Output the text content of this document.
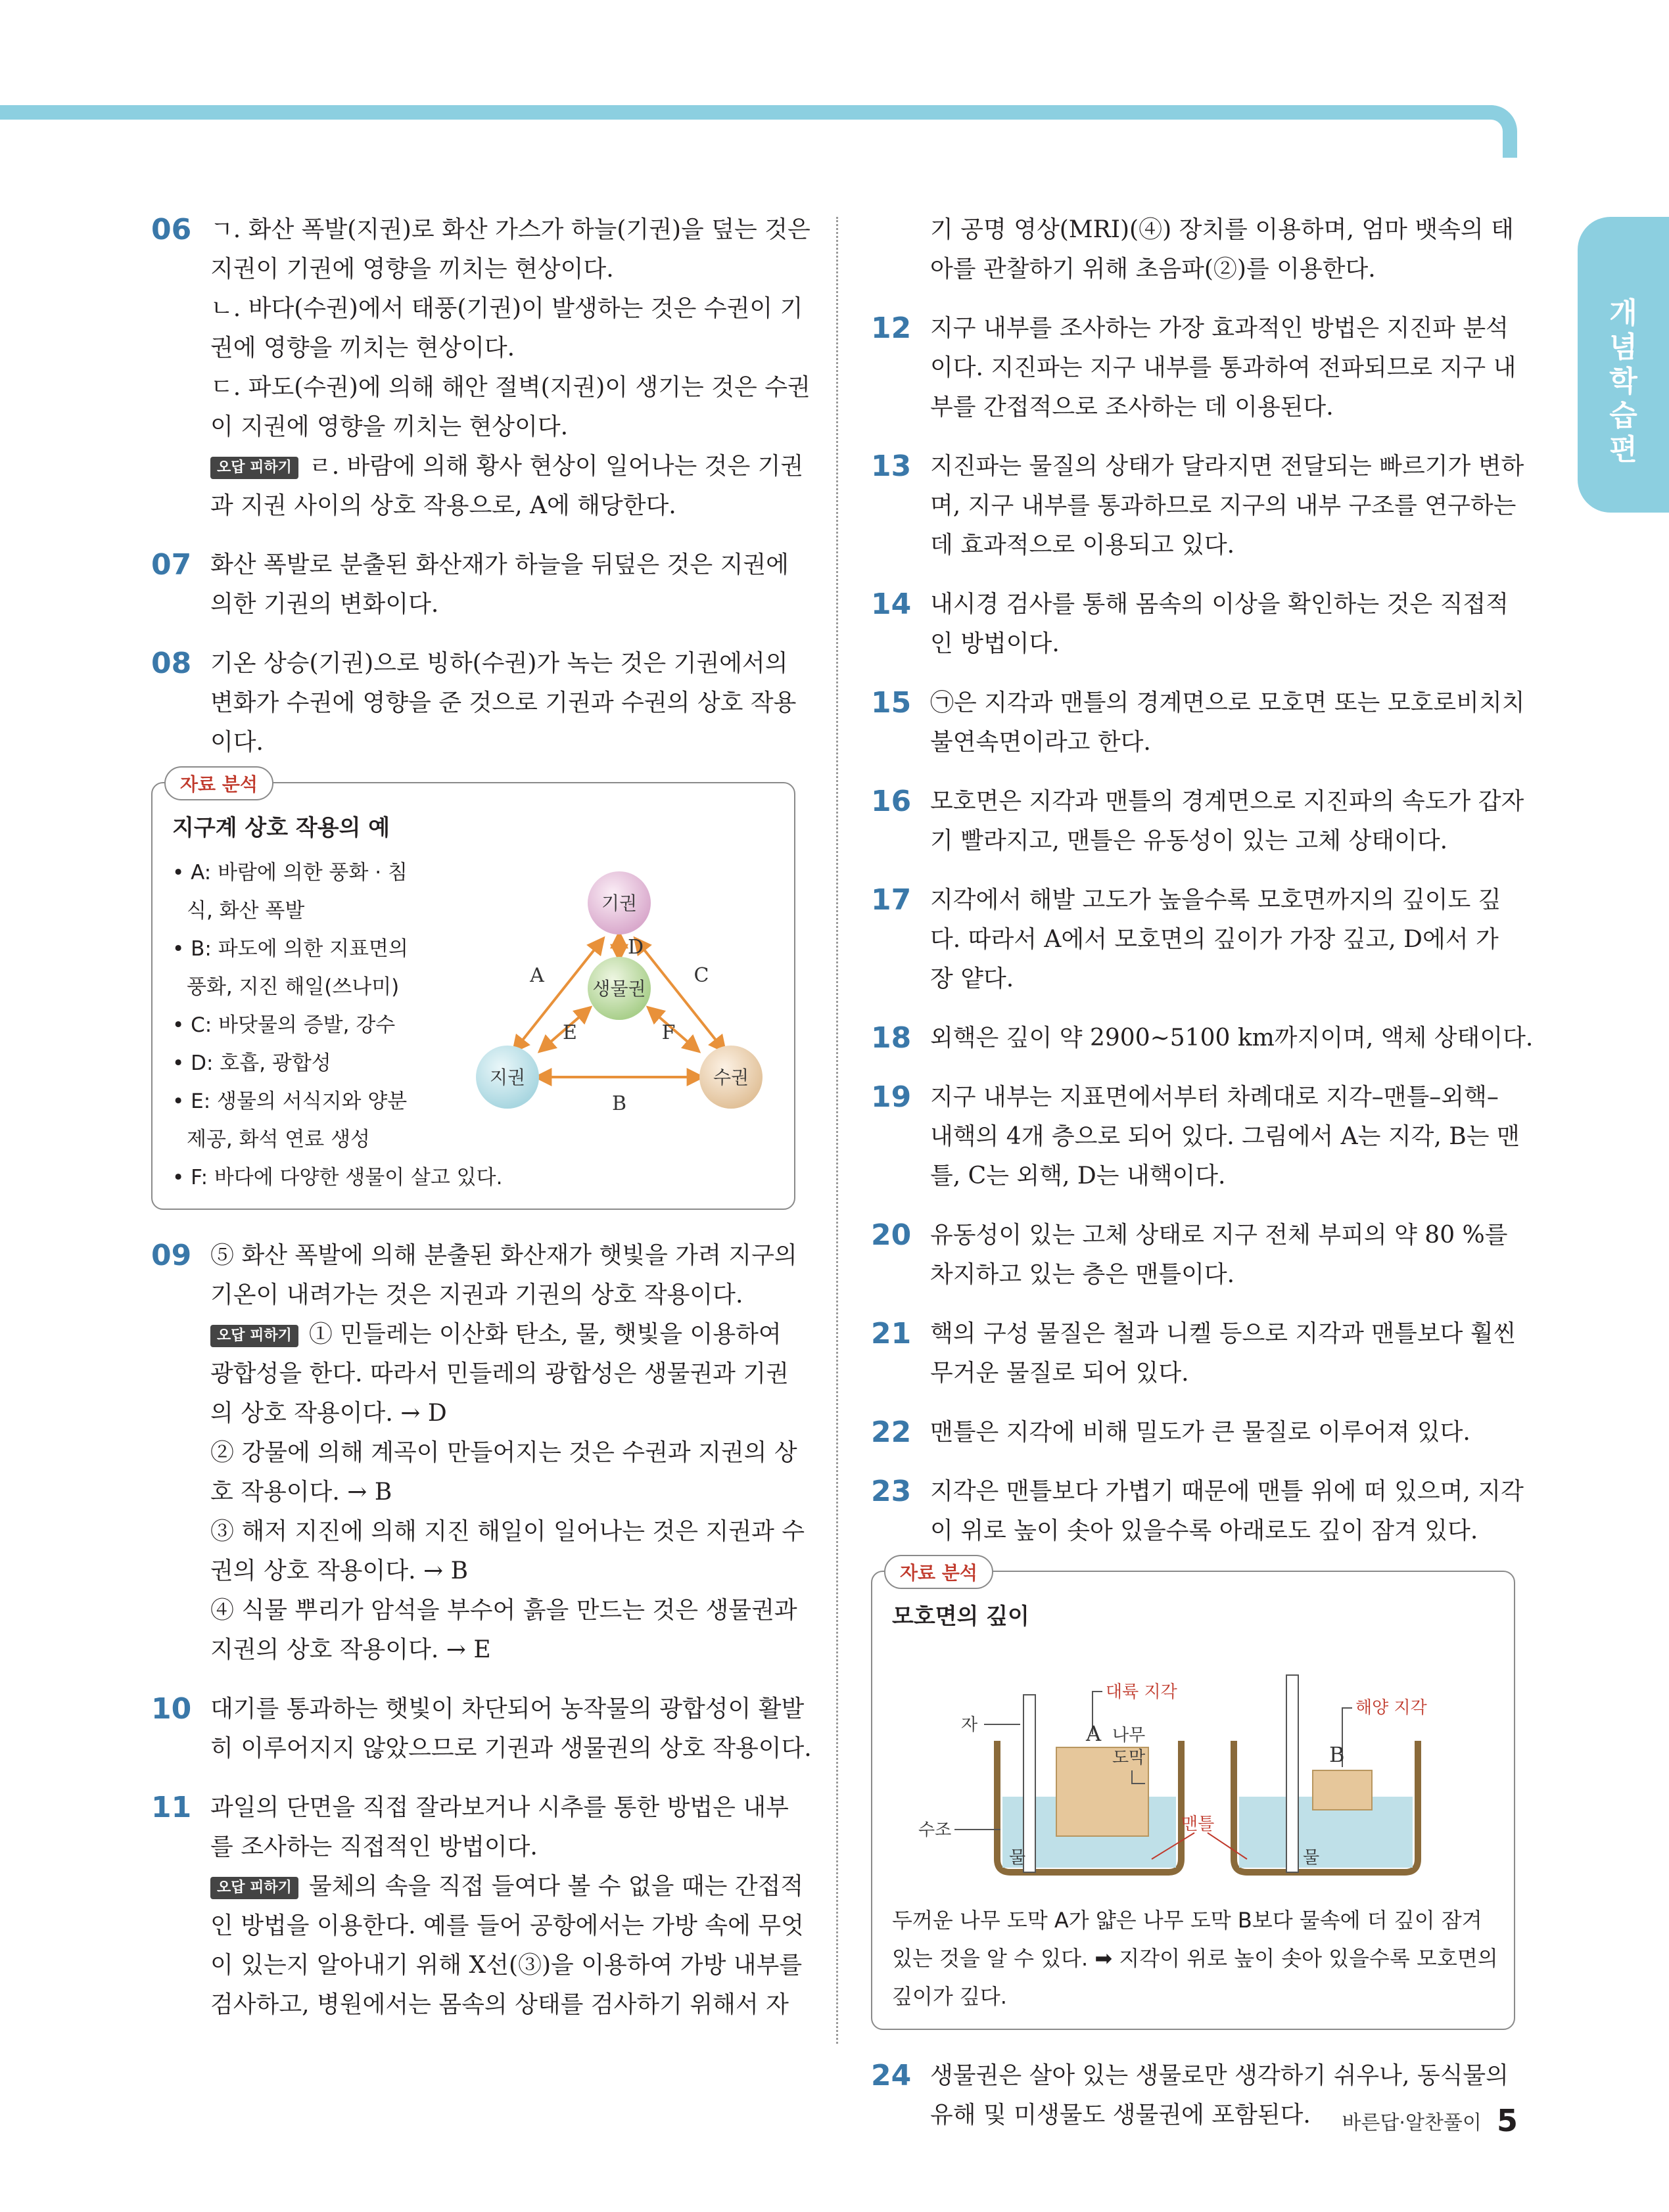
개
념
학
습
편
06 ㄱ. 화산 폭발(지권)로 화산 가스가 하늘(기권)을 덮는 것은
지권이 기권에 영향을 끼치는 현상이다.
ㄴ. 바다(수권)에서 태풍(기권)이 발생하는 것은 수권이 기
권에 영향을 끼치는 현상이다.
ㄷ. 파도(수권)에 의해 해안 절벽(지권)이 생기는 것은 수권
이 지권에 영향을 끼치는 현상이다.
오답 피하기 ㄹ. 바람에 의해 황사 현상이 일어나는 것은 기권
과 지권 사이의 상호 작용으로, A에 해당한다.
07 화산 폭발로 분출된 화산재가 하늘을 뒤덮은 것은 지권에
의한 기권의 변화이다.
08 기온 상승(기권)으로 빙하(수권)가 녹는 것은 기권에서의
변화가 수권에 영향을 준 것으로 기권과 수권의 상호 작용
이다.
자료 분석
지구계 상호 작용의 예
• A: 바람에 의한 풍화 · 침
식, 화산 폭발
• B: 파도에 의한 지표면의
풍화, 지진 해일(쓰나미)
• C: 바닷물의 증발, 강수
• D: 호흡, 광합성
• E: 생물의 서식지와 양분
제공, 화석 연료 생성
• F: 바다에 다양한 생물이 살고 있다.
기권
생물권
지권	수권
A	C
B
D
E	F
09 ⑤ 화산 폭발에 의해 분출된 화산재가 햇빛을 가려 지구의
기온이 내려가는 것은 지권과 기권의 상호 작용이다.
오답 피하기 ① 민들레는 이산화 탄소, 물, 햇빛을 이용하여
광합성을 한다. 따라서 민들레의 광합성은 생물권과 기권
의 상호 작용이다. → D
② 강물에 의해 계곡이 만들어지는 것은 수권과 지권의 상
호 작용이다. → B
③ 해저 지진에 의해 지진 해일이 일어나는 것은 지권과 수
권의 상호 작용이다. → B
④ 식물 뿌리가 암석을 부수어 흙을 만드는 것은 생물권과
지권의 상호 작용이다. → E
10 대기를 통과하는 햇빛이 차단되어 농작물의 광합성이 활발
히 이루어지지 않았으므로 기권과 생물권의 상호 작용이다.
11 과일의 단면을 직접 잘라보거나 시추를 통한 방법은 내부
를 조사하는 직접적인 방법이다.
오답 피하기 물체의 속을 직접 들여다 볼 수 없을 때는 간접적
인 방법을 이용한다. 예를 들어 공항에서는 가방 속에 무엇
이 있는지 알아내기 위해 X선(③)을 이용하여 가방 내부를
검사하고, 병원에서는 몸속의 상태를 검사하기 위해서 자
기 공명 영상(MRI)(④) 장치를 이용하며, 엄마 뱃속의 태
아를 관찰하기 위해 초음파(②)를 이용한다.
12 지구 내부를 조사하는 가장 효과적인 방법은 지진파 분석
이다. 지진파는 지구 내부를 통과하여 전파되므로 지구 내
부를 간접적으로 조사하는 데 이용된다.
13 지진파는 물질의 상태가 달라지면 전달되는 빠르기가 변하
며, 지구 내부를 통과하므로 지구의 내부 구조를 연구하는
데 효과적으로 이용되고 있다.
14 내시경 검사를 통해 몸속의 이상을 확인하는 것은 직접적
인 방법이다.
15 ㉠은 지각과 맨틀의 경계면으로 모호면 또는 모호로비치치
불연속면이라고 한다.
16 모호면은 지각과 맨틀의 경계면으로 지진파의 속도가 갑자
기 빨라지고, 맨틀은 유동성이 있는 고체 상태이다.
17 지각에서 해발 고도가 높을수록 모호면까지의 깊이도 깊
다. 따라서 A에서 모호면의 깊이가 가장 깊고, D에서 가
장 얕다.
18 외핵은 깊이 약 2900∼5100 km까지이며, 액체 상태이다.
19 지구 내부는 지표면에서부터 차례대로 지각–맨틀–외핵–
내핵의 4개 층으로 되어 있다. 그림에서 A는 지각, B는 맨
틀, C는 외핵, D는 내핵이다.
20 유동성이 있는 고체 상태로 지구 전체 부피의 약 80 %를
차지하고 있는 층은 맨틀이다.
21 핵의 구성 물질은 철과 니켈 등으로 지각과 맨틀보다 훨씬
무거운 물질로 되어 있다.
22 맨틀은 지각에 비해 밀도가 큰 물질로 이루어져 있다.
23 지각은 맨틀보다 가볍기 때문에 맨틀 위에 떠 있으며, 지각
이 위로 높이 솟아 있을수록 아래로도 깊이 잠겨 있다.
자료 분석
모호면의 깊이
대륙 지각
해양 지각
자
나무
도막
수조
물	물
맨틀
A
B
두꺼운 나무 도막 A가 얇은 나무 도막 B보다 물속에 더 깊이 잠겨
있는 것을 알 수 있다. ➡ 지각이 위로 높이 솟아 있을수록 모호면의
깊이가 깊다.
24 생물권은 살아 있는 생물로만 생각하기 쉬우나, 동식물의
유해 및 미생물도 생물권에 포함된다.	바른답·알찬풀이 5
